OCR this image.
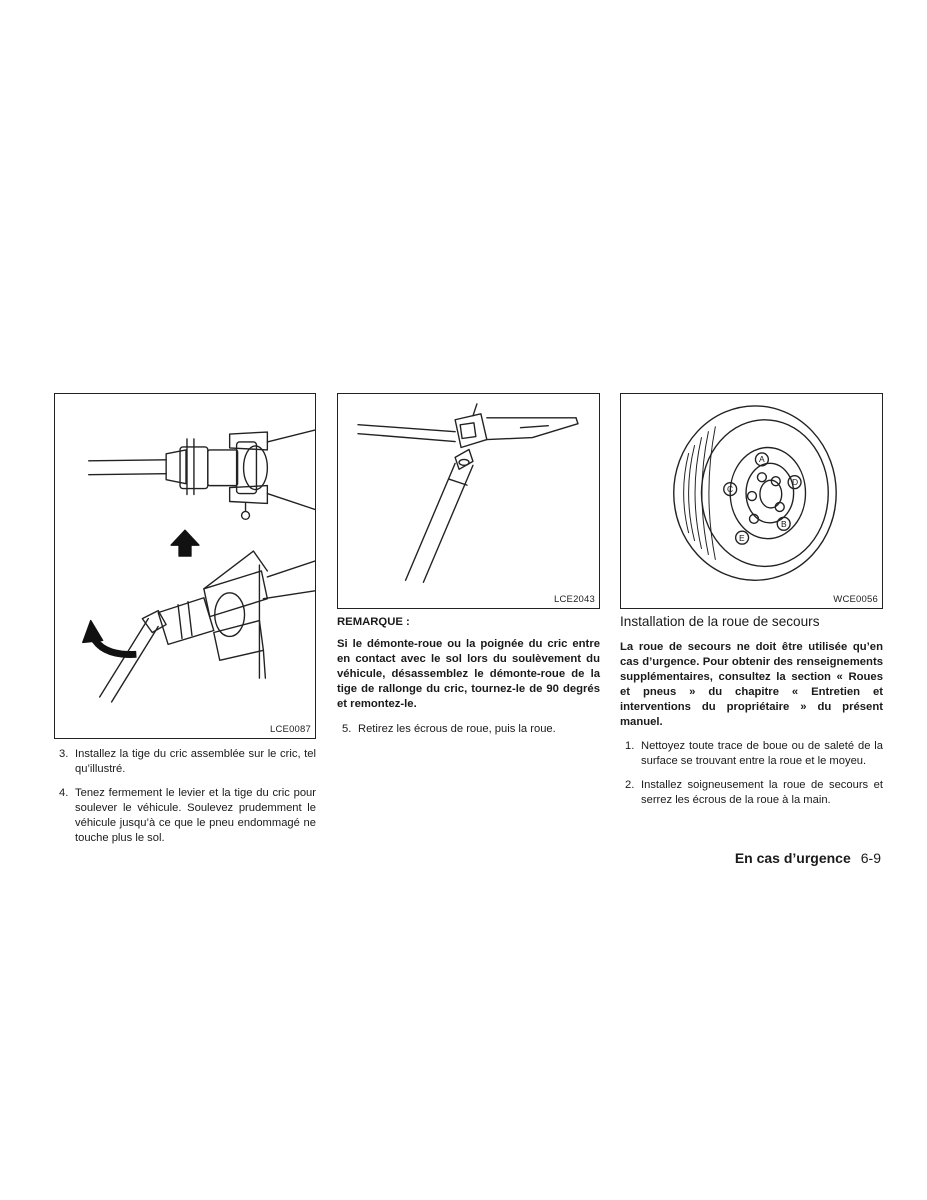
LCE0087
3. Installez la tige du cric assemblée sur le cric, tel qu’illustré.
4. Tenez fermement le levier et la tige du cric pour soulever le véhicule. Soulevez prudemment le véhicule jusqu’à ce que le pneu endommagé ne touche plus le sol.
LCE2043
REMARQUE :
Si le démonte-roue ou la poignée du cric entre en contact avec le sol lors du soulèvement du véhicule, désassemblez le démonte-roue de la tige de rallonge du cric, tournez-le de 90 degrés et remontez-le.
5. Retirez les écrous de roue, puis la roue.
A
B
C
D
E
WCE0056
Installation de la roue de secours
La roue de secours ne doit être utilisée qu’en cas d’urgence. Pour obtenir des renseignements supplémentaires, consultez la section « Roues et pneus » du chapitre « Entretien et interventions du propriétaire » du présent manuel.
1. Nettoyez toute trace de boue ou de saleté de la surface se trouvant entre la roue et le moyeu.
2. Installez soigneusement la roue de secours et serrez les écrous de la roue à la main.
En cas d’urgence 6-9
